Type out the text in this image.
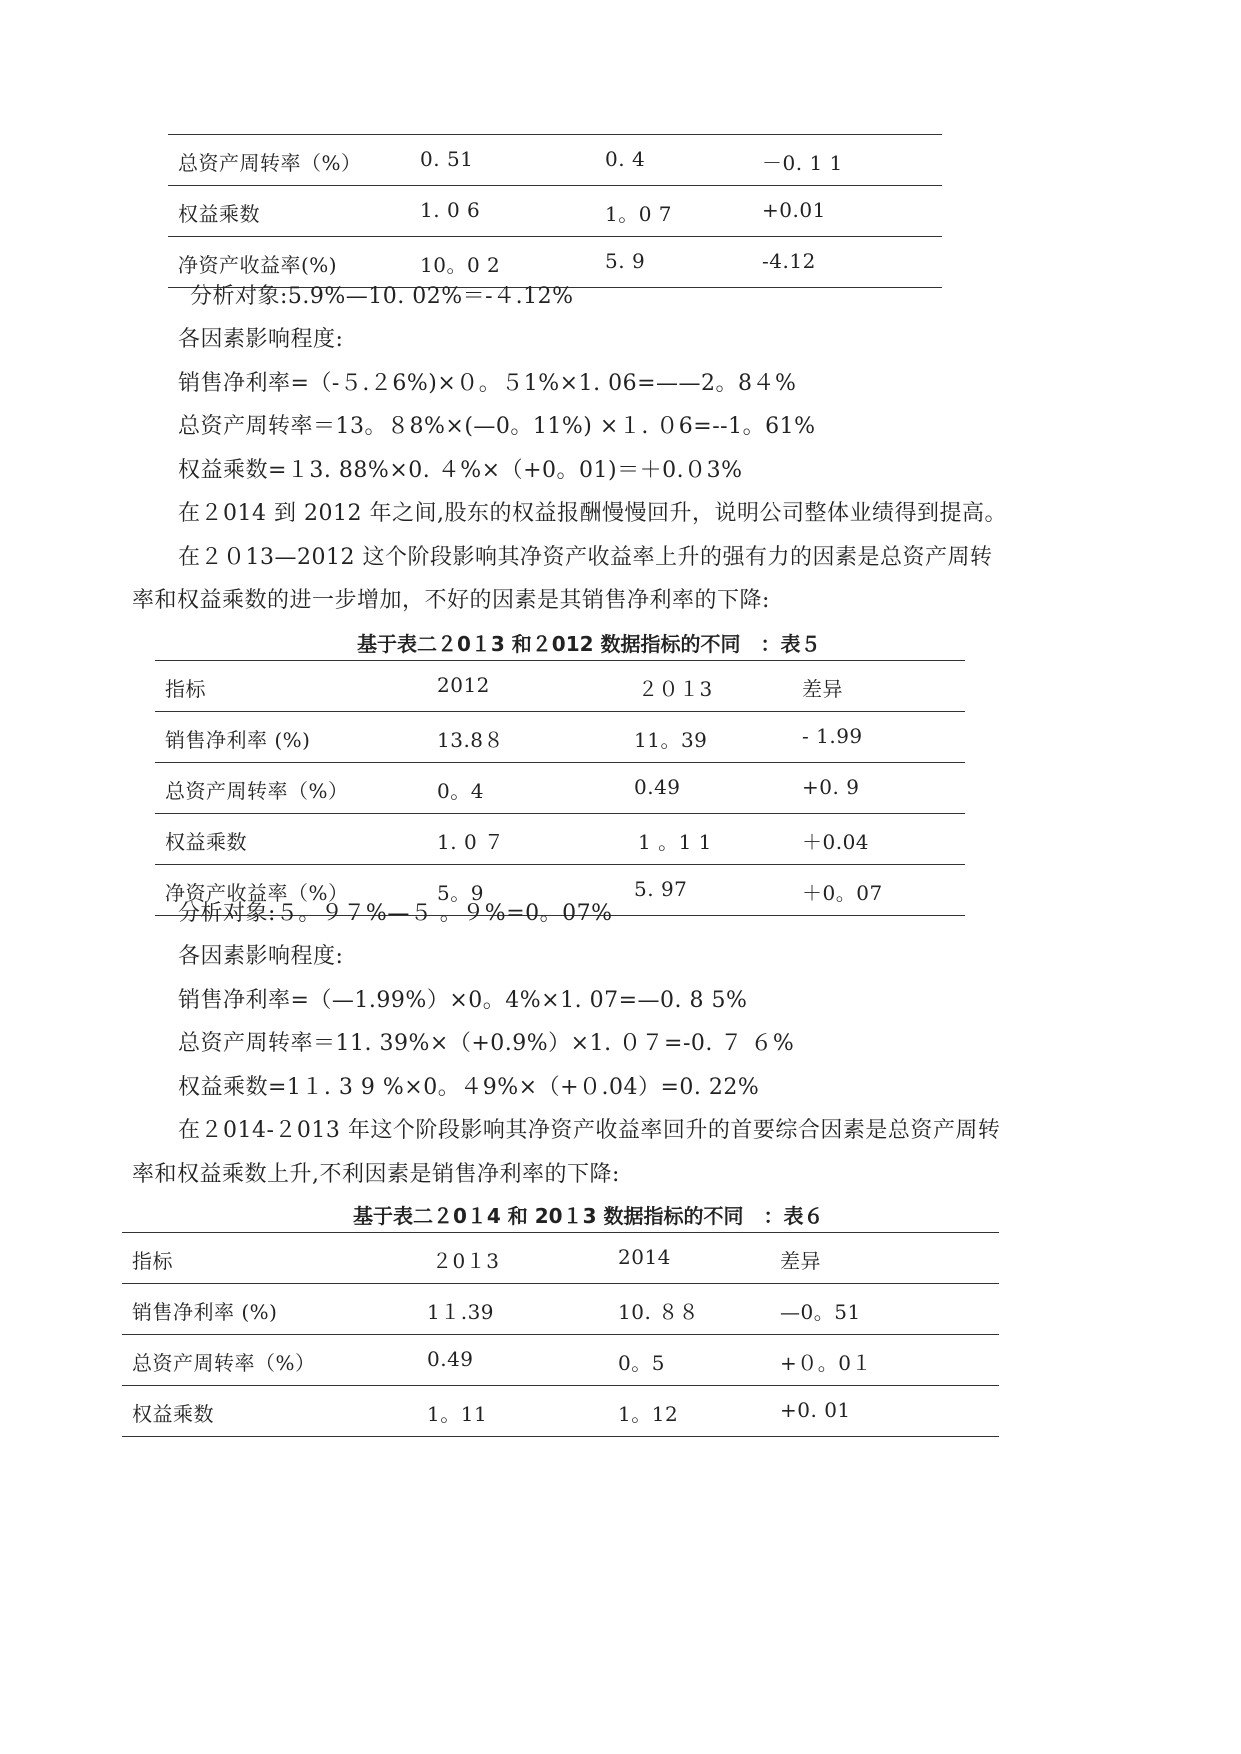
总资产周转率（%）	0. 51	0. 4	－0. 1 1
权益乘数	1. 0 6	1。0 7	+0.01
净资产收益率(%)	10。0 2	5. 9	-4.12
分析对象:5.9%—10. 02%＝-４.12%
各因素影响程度:
销售净利率=（-５.２6%)×０。５1%×1. 06=——2。8４%
总资产周转率＝13。８8%×(—0。11%) ×１. ０6=--1。61%
权益乘数=１3. 88%×0. ４%×（+0。01)＝＋0.０3%
在２014 到 2012 年之间,股东的权益报酬慢慢回升，说明公司整体业绩得到提高。
在２０13—2012 这个阶段影响其净资产收益率上升的强有力的因素是总资产周转
率和权益乘数的进一步增加，不好的因素是其销售净利率的下降:
基于表二２0１3 和２012 数据指标的不同　：表５
指标	2012	２０１3	差异
销售净利率 (%)	13.8８	11。39	- 1.99
总资产周转率（%）	0。4	0.49	+0. 9
权益乘数	1. 0 ７	1 。1 1	＋0.04
净资产收益率（%）	5。9	5. 97	＋0。07
分析对象:５。９７%—５ 。９%=0。07%
各因素影响程度:
销售净利率=（—1.99%）×0。4%×1. 07=—0. 8 5%
总资产周转率＝11. 39%×（+0.9%）×1. ０７=-0. ７ ６%
权益乘数=1１. 3 9 %×0。４9%×（+０.04）=0. 22%
在２014-２013 年这个阶段影响其净资产收益率回升的首要综合因素是总资产周转
率和权益乘数上升,不利因素是销售净利率的下降:
基于表二２0１4 和 20１3 数据指标的不同　：表６
指标	２0１3	2014	差异
销售净利率 (%)	1１.39	10. ８８	—0。51
总资产周转率（%）	0.49	0。5	+０。0１
权益乘数	1。11	1。12	+0. 01
